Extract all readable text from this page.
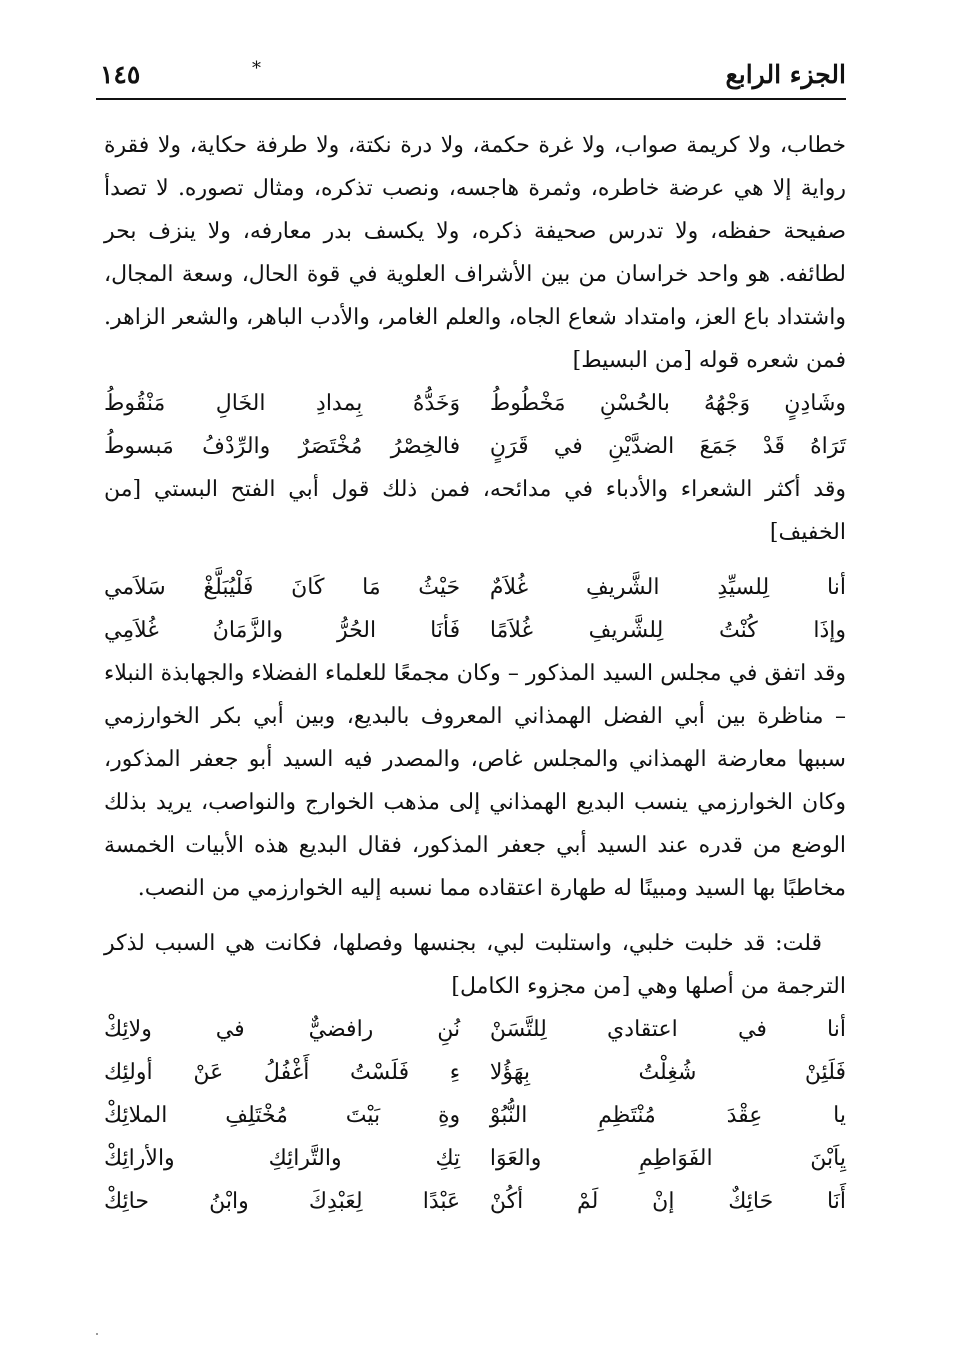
الجزء الرابع
*
١٤٥

خطاب، ولا كريمة صواب، ولا غرة حكمة، ولا درة نكتة، ولا طرفة حكاية، ولا فقرة رواية إلا هي عرضة خاطره، وثمرة هاجسه، ونصب تذكره، ومثال تصوره. لا تصدأ صفيحة حفظه، ولا تدرس صحيفة ذكره، ولا يكسف بدر معارفه، ولا ينزف بحر لطائفه. هو واحد خراسان من بين الأشراف العلوية في قوة الحال، وسعة المجال، واشتداد باع العز، وامتداد شعاع الجاه، والعلم الغامر، والأدب الباهر، والشعر الزاهر. فمن شعره قوله [من البسيط]

وشَادِنٍ وَجْهُهُ بالحُسْنِ مَخْطُوطُ
وَخَدُّهُ بِمدادِ الخَالِ مَنْقُوطُ
تَرَاهُ قَدْ جَمَعَ الضدَّيْنِ في قَرَنٍ
فالخِصْرُ مُخْتَصَرٌ والرِّدْفُ مَبسوطُ

وقد أكثر الشعراء والأدباء في مدائحه، فمن ذلك قول أبي الفتح البستي [من الخفيف]

أنا لِلسيِّدِ الشَّريفِ غُلاَمٌ
حَيْثُ مَا كَانَ فَلْيُبَلَّغْ سَلاَمي
وإذَا كُنْتُ لِلشَّريفِ غُلاَمًا
فَأنَا الحُرُّ والزَّمَانُ غُلاَمِي

وقد اتفق في مجلس السيد المذكور – وكان مجمعًا للعلماء الفضلاء والجهابذة النبلاء – مناظرة بين أبي الفضل الهمذاني المعروف بالبديع، وبين أبي بكر الخوارزمي سببها معارضة الهمذاني والمجلس غاص، والمصدر فيه السيد أبو جعفر المذكور، وكان الخوارزمي ينسب البديع الهمذاني إلى مذهب الخوارج والنواصب، يريد بذلك الوضع من قدره عند السيد أبي جعفر المذكور، فقال البديع هذه الأبيات الخمسة مخاطبًا بها السيد ومبينًا له طهارة اعتقاده مما نسبه إليه الخوارزمي من النصب.

قلت: قد خلبت خلبي، واستلبت لبي، بجنسها وفصلها، فكانت هي السبب لذكر الترجمة من أصلها وهي [من مجزوء الكامل]

أنا في اعتقادي لِلتَّسَنْ
نُنِ رافضيٌّ في ولائِكْ
فَلَئِنْ شُغِلْتُ بِهَؤُلا
ءِ فَلَسْتُ أَغْفُلُ عَنْ أولئِك
يا عِقْدَ مُنْتَظِمِ النُّبُوْ
وةِ بَيْتَ مُخْتَلِفِ الملائِكْ
يِاَبْنَ الفَوَاطِمِ والعَوَا
تِكِ والتَّرائِكِ والأرائِكْ
أَنَا حَائِكٌ إنْ لَمْ أكُنْ
عَبْدًا لِعَبْدِكَ وابْنُ حائِكْ
